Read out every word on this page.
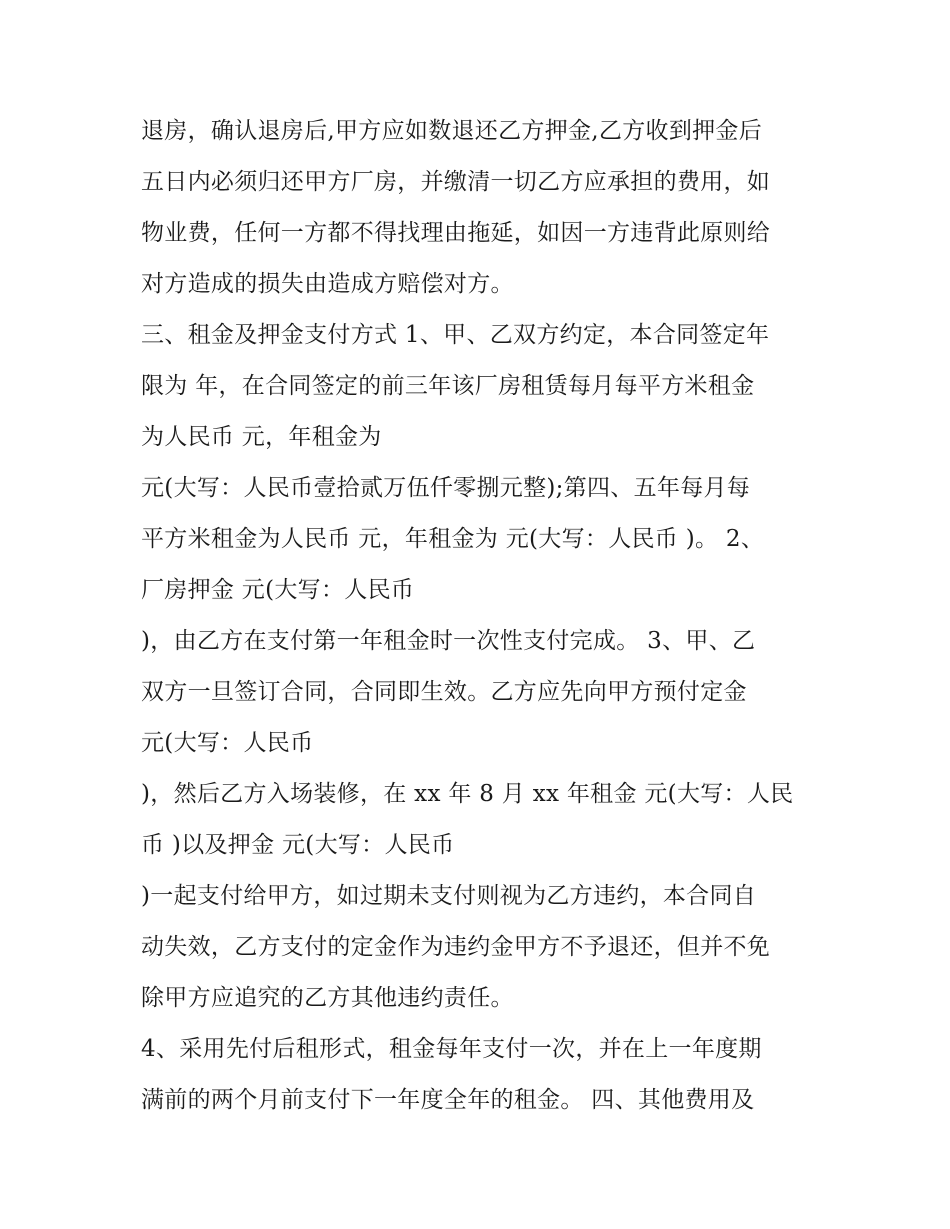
退房，确认退房后,甲方应如数退还乙方押金,乙方收到押金后
五日内必须归还甲方厂房，并缴清一切乙方应承担的费用，如
物业费，任何一方都不得找理由拖延，如因一方违背此原则给
对方造成的损失由造成方赔偿对方。
三、租金及押金支付方式 1、甲、乙双方约定，本合同签定年
限为 年，在合同签定的前三年该厂房租赁每月每平方米租金
为人民币 元，年租金为
元(大写：人民币壹拾贰万伍仟零捌元整);第四、五年每月每
平方米租金为人民币 元，年租金为 元(大写：人民币 )。 2、
厂房押金 元(大写：人民币
)，由乙方在支付第一年租金时一次性支付完成。 3、甲、乙
双方一旦签订合同，合同即生效。乙方应先向甲方预付定金
元(大写：人民币
)，然后乙方入场装修，在 xx 年 8 月 xx 年租金 元(大写：人民
币 )以及押金 元(大写：人民币
)一起支付给甲方，如过期未支付则视为乙方违约，本合同自
动失效，乙方支付的定金作为违约金甲方不予退还，但并不免
除甲方应追究的乙方其他违约责任。
4、采用先付后租形式，租金每年支付一次，并在上一年度期
满前的两个月前支付下一年度全年的租金。 四、其他费用及
